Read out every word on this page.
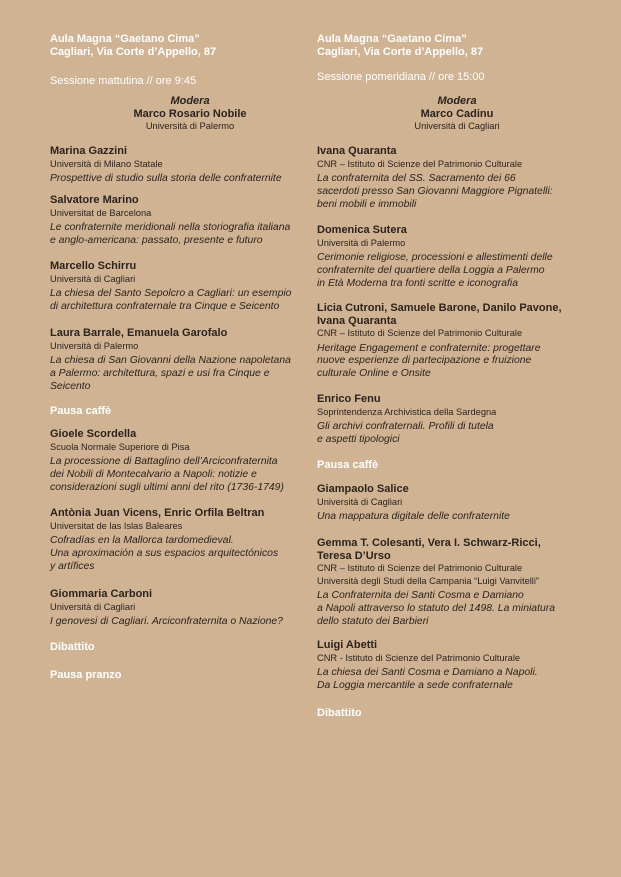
Aula Magna “Gaetano Cima”
Cagliari, Via Corte d’Appello, 87
Sessione mattutina // ore 9:45
Modera
Marco Rosario Nobile
Università di Palermo
Marina Gazzini
Università di Milano Statale
Prospettive di studio sulla storia delle confraternite
Salvatore Marino
Universitat de Barcelona
Le confraternite meridionali nella storiografia italiana
e anglo-americana: passato, presente e futuro
Marcello Schirru
Università di Cagliari
La chiesa del Santo Sepolcro a Cagliari: un esempio
di architettura confraternale tra Cinque e Seicento
Laura Barrale, Emanuela Garofalo
Università di Palermo
La chiesa di San Giovanni della Nazione napoletana
a Palermo: architettura, spazi e usi fra Cinque e
Seicento
Gioele Scordella
Scuola Normale Superiore di Pisa
La processione di Battaglino dell’Arciconfraternita
dei Nobili di Montecalvario a Napoli: notizie e
considerazioni sugli ultimi anni del rito (1736-1749)
Antònia Juan Vicens, Enric Orfila Beltran
Universitat de las Islas Baleares
Cofradías en la Mallorca tardomedieval.
Una aproximación a sus espacios arquitectónicos
y artífices
Giommaria Carboni
Università di Cagliari
I genovesi di Cagliari. Arciconfraternita o Nazione?
Pausa caffè
Dibattito
Pausa pranzo
Aula Magna “Gaetano Cima”
Cagliari, Via Corte d’Appello, 87
Sessione pomeridiana // ore 15:00
Modera
Marco Cadinu
Università di Cagliari
Ivana Quaranta
CNR – Istituto di Scienze del Patrimonio Culturale
La confraternita del SS. Sacramento dei 66
sacerdoti presso San Giovanni Maggiore Pignatelli:
beni mobili e immobili
Domenica Sutera
Università di Palermo
Cerimonie religiose, processioni e allestimenti delle
confraternite del quartiere della Loggia a Palermo
in Età Moderna tra fonti scritte e iconografia
Licia Cutroni, Samuele Barone, Danilo Pavone,
Ivana Quaranta
CNR – Istituto di Scienze del Patrimonio Culturale
Heritage Engagement e confraternite: progettare
nuove esperienze di partecipazione e fruizione
culturale Online e Onsite
Enrico Fenu
Soprintendenza Archivistica della Sardegna
Gli archivi confraternali. Profili di tutela
e aspetti tipologici
Giampaolo Salice
Università di Cagliari
Una mappatura digitale delle confraternite
Gemma T. Colesanti, Vera I. Schwarz-Ricci,
Teresa D’Urso
CNR – Istituto di Scienze del Patrimonio Culturale
Università degli Studi della Campania “Luigi Vanvitelli”
La Confraternita dei Santi Cosma e Damiano
a Napoli attraverso lo statuto del 1498. La miniatura
dello statuto dei Barbieri
Luigi Abetti
CNR - Istituto di Scienze del Patrimonio Culturale
La chiesa dei Santi Cosma e Damiano a Napoli.
Da Loggia mercantile a sede confraternale
Pausa caffè
Dibattito
